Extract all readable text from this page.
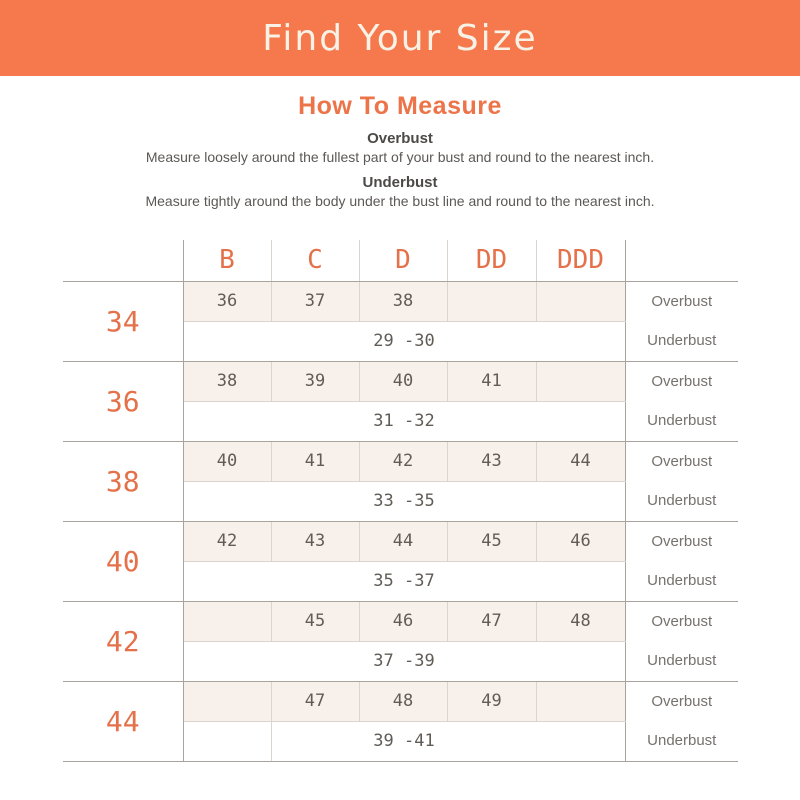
Find Your Size
How To Measure
Overbust
Measure loosely around the fullest part of your bust and round to the nearest inch.
Underbust
Measure tightly around the body under the bust line and round to the nearest inch.
	B	C	D	DD	DDD	
34	36	37	38			Overbust
	29 -30					Underbust
36	38	39	40	41		Overbust
	31 -32					Underbust
38	40	41	42	43	44	Overbust
	33 -35					Underbust
40	42	43	44	45	46	Overbust
	35 -37					Underbust
42		45	46	47	48	Overbust
	37 -39					Underbust
44		47	48	49		Overbust
		39 -41				Underbust
